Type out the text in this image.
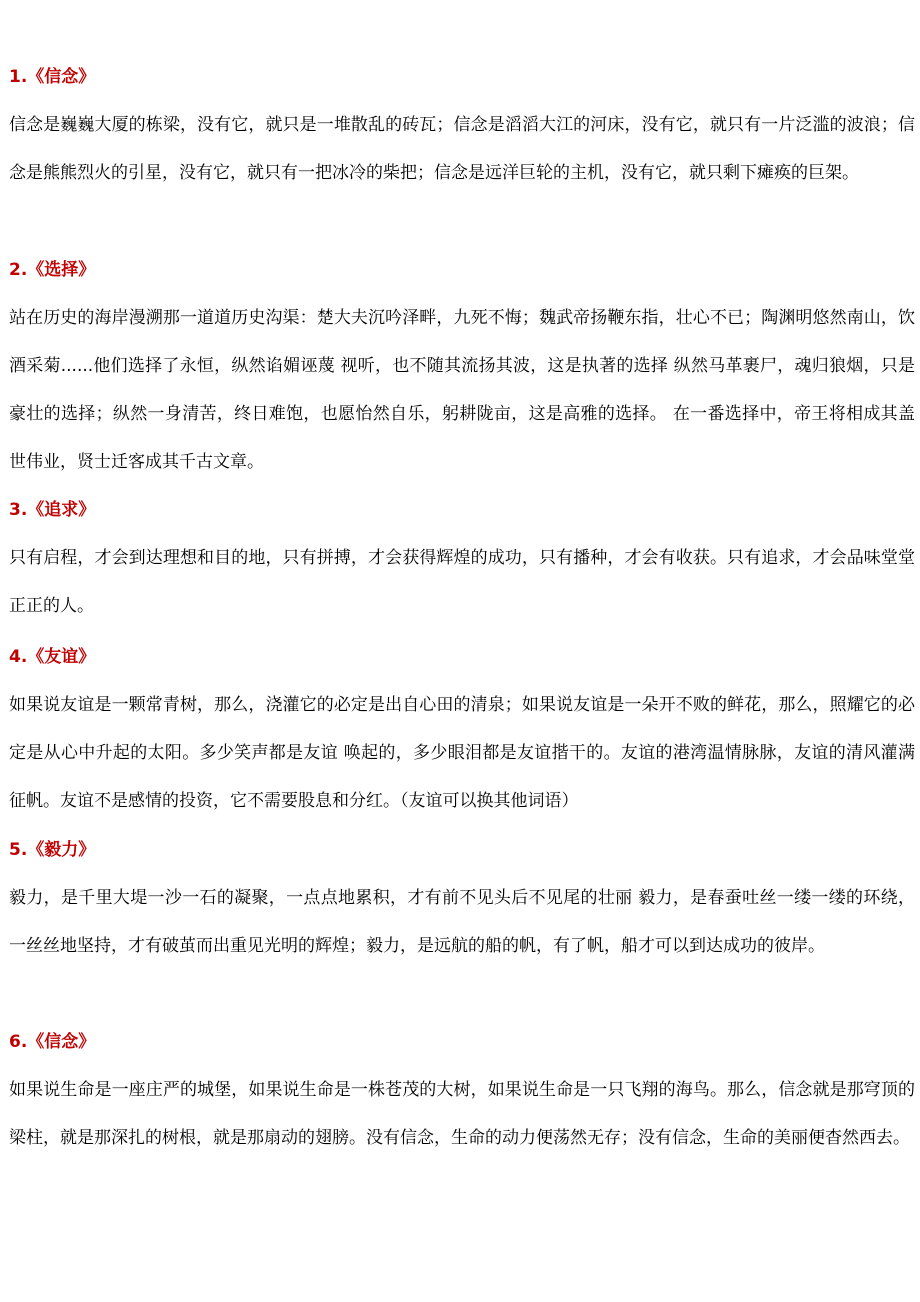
1.《信念》

信念是巍巍大厦的栋梁，没有它，就只是一堆散乱的砖瓦；信念是滔滔大江的河床，没有它，就只有一片泛滥的波浪；信念是熊熊烈火的引星，没有它，就只有一把冰冷的柴把；信念是远洋巨轮的主机，没有它，就只剩下瘫痪的巨架。

2.《选择》

站在历史的海岸漫溯那一道道历史沟渠：楚大夫沉吟泽畔，九死不悔；魏武帝扬鞭东指，壮心不已；陶渊明悠然南山，饮酒采菊......他们选择了永恒，纵然谄媚诬蔑 视听，也不随其流扬其波，这是执著的选择 纵然马革裹尸，魂归狼烟，只是豪壮的选择；纵然一身清苦，终日难饱，也愿怡然自乐，躬耕陇亩，这是高雅的选择。 在一番选择中，帝王将相成其盖世伟业，贤士迁客成其千古文章。

3.《追求》

只有启程，才会到达理想和目的地，只有拼搏，才会获得辉煌的成功，只有播种，才会有收获。只有追求，才会品味堂堂正正的人。

4.《友谊》

如果说友谊是一颗常青树，那么，浇灌它的必定是出自心田的清泉；如果说友谊是一朵开不败的鲜花，那么，照耀它的必定是从心中升起的太阳。多少笑声都是友谊 唤起的，多少眼泪都是友谊揩干的。友谊的港湾温情脉脉，友谊的清风灌满征帆。友谊不是感情的投资，它不需要股息和分红。（友谊可以换其他词语）

5.《毅力》

毅力，是千里大堤一沙一石的凝聚，一点点地累积，才有前不见头后不见尾的壮丽 毅力，是春蚕吐丝一缕一缕的环绕，一丝丝地坚持，才有破茧而出重见光明的辉煌；毅力，是远航的船的帆，有了帆，船才可以到达成功的彼岸。

6.《信念》

如果说生命是一座庄严的城堡，如果说生命是一株苍茂的大树，如果说生命是一只飞翔的海鸟。那么，信念就是那穹顶的梁柱，就是那深扎的树根，就是那扇动的翅膀。没有信念，生命的动力便荡然无存；没有信念，生命的美丽便杳然西去。
